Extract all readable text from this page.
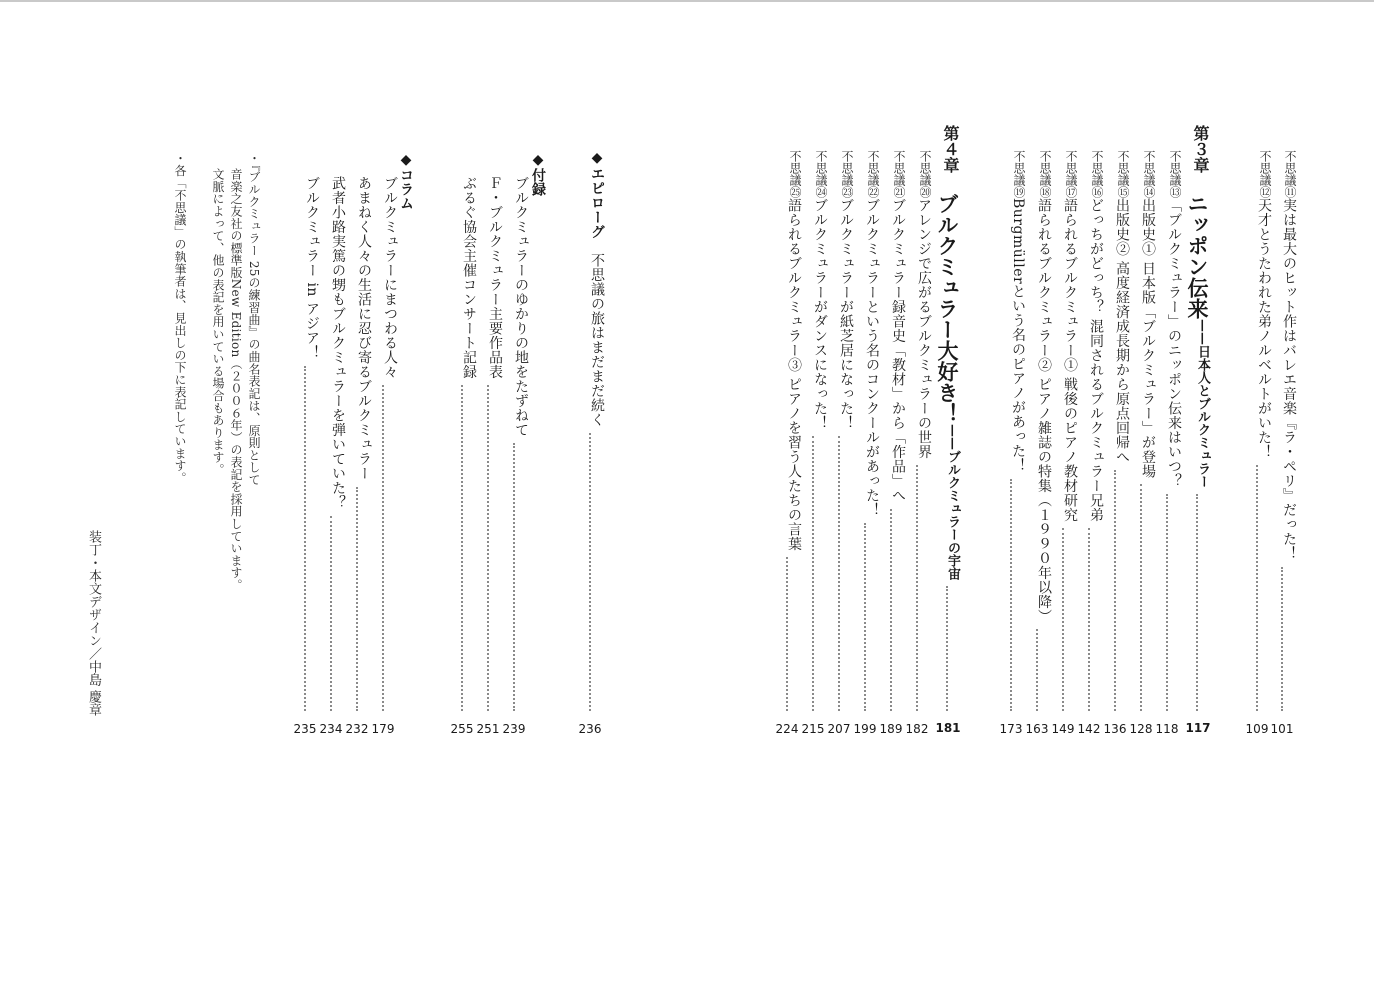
不思議⑪
実は最大のヒット作はバレエ音楽『ラ・ペリ』だった！
101
不思議⑫
天才とうたわれた弟ノルベルトがいた！
109
第３章
ニッポン伝来
——日本人とブルクミュラー
117
不思議⑬
「ブルクミュラー」のニッポン伝来はいつ？
118
不思議⑭
出版史① 日本版「ブルクミュラー」が登場
128
不思議⑮
出版史② 高度経済成長期から原点回帰へ
136
不思議⑯
どっちがどっち？ 混同されるブルクミュラー兄弟
142
不思議⑰
語られるブルクミュラー① 戦後のピアノ教材研究
149
不思議⑱
語られるブルクミュラー② ピアノ雑誌の特集（１９９０年以降）
163
不思議⑲
Burgmüllerという名のピアノがあった！
173
第４章
ブルクミュラー大好き！
——ブルクミュラーの宇宙
181
不思議⑳
アレンジで広がるブルクミュラーの世界
182
不思議㉑
ブルクミュラー録音史
「教材」から「作品」へ
189
不思議㉒
ブルクミュラーという名のコンクールがあった！
199
不思議㉓
ブルクミュラーが紙芝居になった！
207
不思議㉔
ブルクミュラーがダンスになった！
215
不思議㉕
語られるブルクミュラー③ ピアノを習う人たちの言葉
224
◆エピローグ
不思議の旅はまだまだ続く
236
◆付録
ブルクミュラーのゆかりの地をたずねて
239
Ｆ・ブルクミュラー主要作品表
251
ぶるぐ協会主催コンサート記録
255
◆コラム
ブルクミュラーにまつわる人々
179
あまねく人々の生活に忍び寄るブルクミュラー
232
武者小路実篤の甥もブルクミュラーを弾いていた？
234
ブルクミュラー in アジア！
235
・『ブルクミュラー 25の練習曲』の曲名表記は、原則として
音楽之友社の標準版New Edition（２００６年）の表記を採用しています。
文脈によって、他の表記を用いている場合もあります。
・各「不思議」の執筆者は、見出しの下に表記しています。
装丁・本文デザイン／中島 慶章
